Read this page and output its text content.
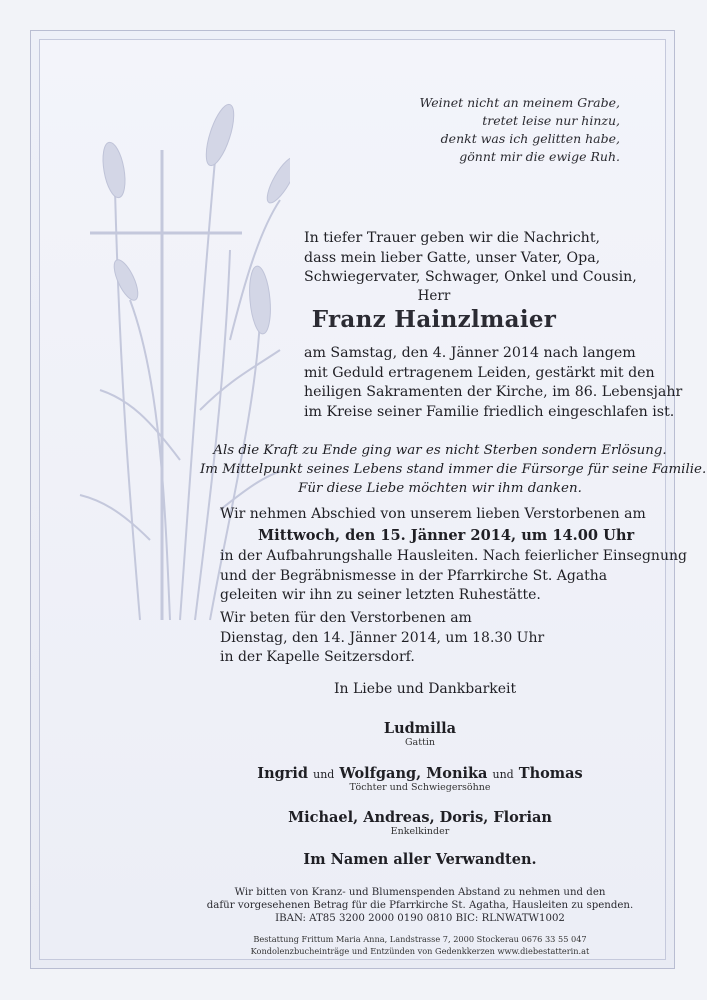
Weinet nicht an meinem Grabe,
tretet leise nur hinzu,
denkt was ich gelitten habe,
gönnt mir die ewige Ruh.
In tiefer Trauer geben wir die Nachricht,
dass mein lieber Gatte, unser Vater, Opa,
Schwiegervater, Schwager, Onkel und Cousin,
Herr
Franz Hainzlmaier
am Samstag, den 4. Jänner 2014 nach langem
mit Geduld ertragenem Leiden, gestärkt mit den
heiligen Sakramenten der Kirche, im 86. Lebensjahr
im Kreise seiner Familie friedlich eingeschlafen ist.
Als die Kraft zu Ende ging war es nicht Sterben sondern Erlösung.
Im Mittelpunkt seines Lebens stand immer die Fürsorge für seine Familie.
Für diese Liebe möchten wir ihm danken.
Wir nehmen Abschied von unserem lieben Verstorbenen am
Mittwoch, den 15. Jänner 2014, um 14.00 Uhr
in der Aufbahrungshalle Hausleiten. Nach feierlicher Einsegnung
und der Begräbnismesse in der Pfarrkirche St. Agatha
geleiten wir ihn zu seiner letzten Ruhestätte.
Wir beten für den Verstorbenen am
Dienstag, den 14. Jänner 2014, um 18.30 Uhr
in der Kapelle Seitzersdorf.
In Liebe und Dankbarkeit
Ludmilla
Gattin
Ingrid und Wolfgang, Monika und Thomas
Töchter und Schwiegersöhne
Michael, Andreas, Doris, Florian
Enkelkinder
Im Namen aller Verwandten.
Wir bitten von Kranz- und Blumenspenden Abstand zu nehmen und den
dafür vorgesehenen Betrag für die Pfarrkirche St. Agatha, Hausleiten zu spenden.
IBAN: AT85 3200 2000 0190 0810 BIC: RLNWATW1002
Bestattung Frittum Maria Anna, Landstrasse 7, 2000 Stockerau 0676 33 55 047
Kondolenzbucheinträge und Entzünden von Gedenkkerzen www.diebestatterin.at
